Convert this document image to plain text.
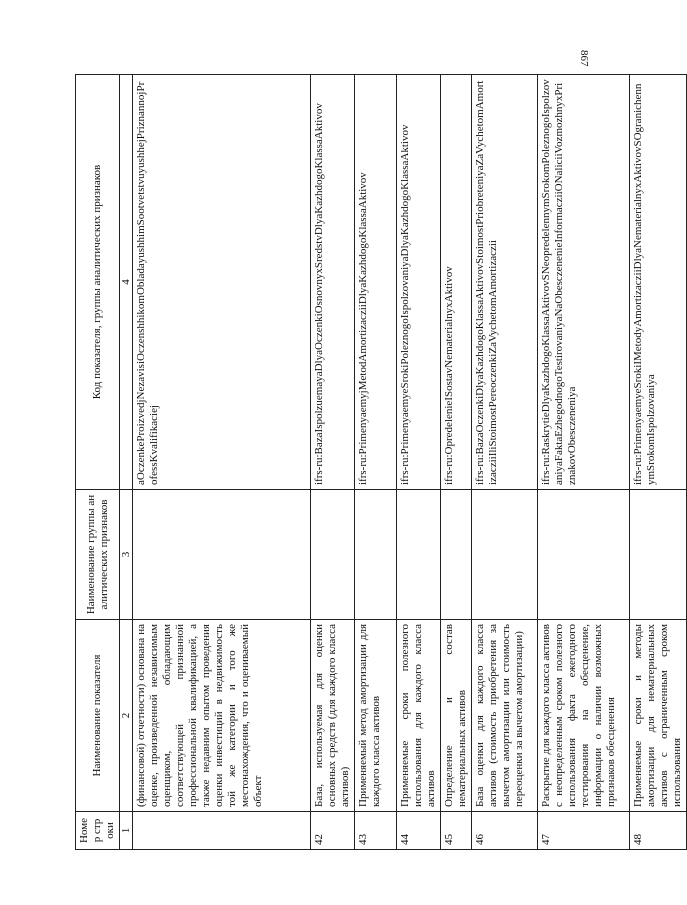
867
Номер строки	Наименование показателя	Наименование группы аналитических признаков	Код показателя, группы аналитических признаков
1	2	3	4
	(финансовой) отчетности) основана на оценке, произведенной независимым оценщиком, обладающим соответствующей признанной профессиональной квалификацией, а также недавним опытом проведения оценки инвестиций в недвижимость той же категории и того же местонахождения, что и оцениваемый объект		aOczenkeProizvedjNezavisiOczenshhikomObladayushhimSootvetstvuyushhejPriznannojProfessKvalifikaciej
42	База, используемая для оценки основных средств (для каждого класса активов)		ifrs-ru:BazaIspolzuemayaDlyaOczenkiOsnovnyxSredstvDlyaKazhdogoKlassaAktivov
43	Применяемый метод амортизации для каждого класса активов		ifrs-ru:PrimenyaemyjMetodAmortizacziiDlyaKazhdogoKlassaAktivov
44	Применяемые сроки полезного использования для каждого класса активов		ifrs-ru:PrimenyaemyeSrokiPoleznogoIspolzovaniyaDlyaKazhdogoKlassaAktivov
45	Определение и состав нематериальных активов		ifrs-ru:OpredelenieISostavNematerialnyxAktivov
46	База оценки для каждого класса активов (стоимость приобретения за вычетом амортизации или стоимость переоценки за вычетом амортизации)		ifrs-ru:BazaOczenkiDlyaKazhdogoKlassaAktivovStoimostPriobreteniyaZaVychetomAmortizacziiIliStoimostPereoczenkiZaVychetomAmortizaczii
47	Раскрытие для каждого класса активов с неопределенным сроком полезного использования факта ежегодного тестирования на обесценение, информации о наличии возможных признаков обесценения		ifrs-ru:RaskrytieDlyaKazhdogoKlassaAktivovSNeopredelennymSrokomPoleznogoIspolzovaniyaFaktaEzhegodnogoTestirovaniyaNaObesczenenieInformacziiONaliciiVozmozhnyxPriznakovObesczeneniya
48	Применяемые сроки и методы амортизации для нематериальных активов с ограниченным сроком использования		ifrs-ru:PrimenyaemyeSrokiIMetodyAmortizacziiDlyaNematerialnyxAktivovSOgranichennymSrokomIspolzovaniya
